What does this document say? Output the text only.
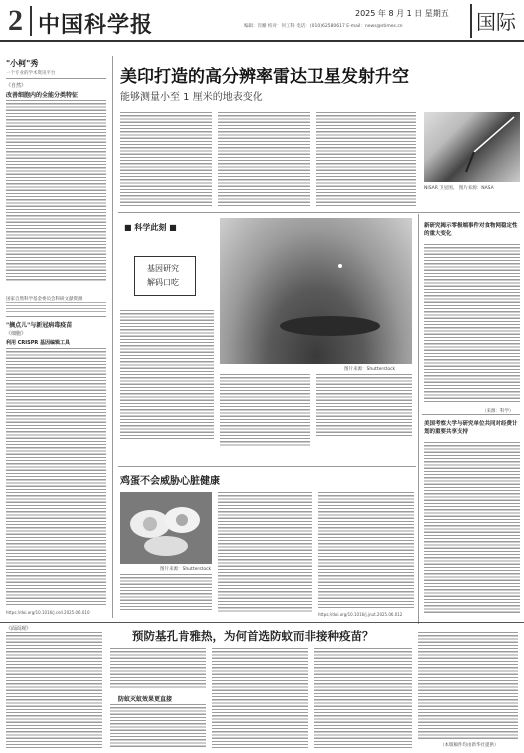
2 中国科学报	2025 年 8 月 1 日 星期五
编辑：肖姗 校对：何工科 电话：(010)62580617 E-mail：news@stimes.cn	国际
"小柯"秀
一个专业的学术资讯平台
《自然》
改善细胞内的全能分类特征
国家自然科学基金委员会科研文献资源
"摘点儿"与新冠病毒疫苗
《细胞》
利用 CRISPR 基因编辑工具
https://doi.org/10.1016/j.cell.2025.06.010
美印打造的高分辨率雷达卫星发射升空
能够测量小至 1 厘米的地表变化
NISAR 卫星图。 图片来源：NASA
■ 科学此刻 ■
图片来源：Shutterstock
基因研究
解码口吃
新研究揭示零极端事件对食物网稳定性的重大变化
（来源：科学）
美国考察大学与研究单位共同对经费计划的重要共享支持
鸡蛋不会威胁心脏健康
图片来源：Shutterstock
https://doi.org/10.1016/j.jnut.2025.06.012
《面面观》	预防基孔肯雅热，为何首选防蚊而非接种疫苗？
防蚊灭蚊效果更直接
（本版稿件均由新华社提供）
